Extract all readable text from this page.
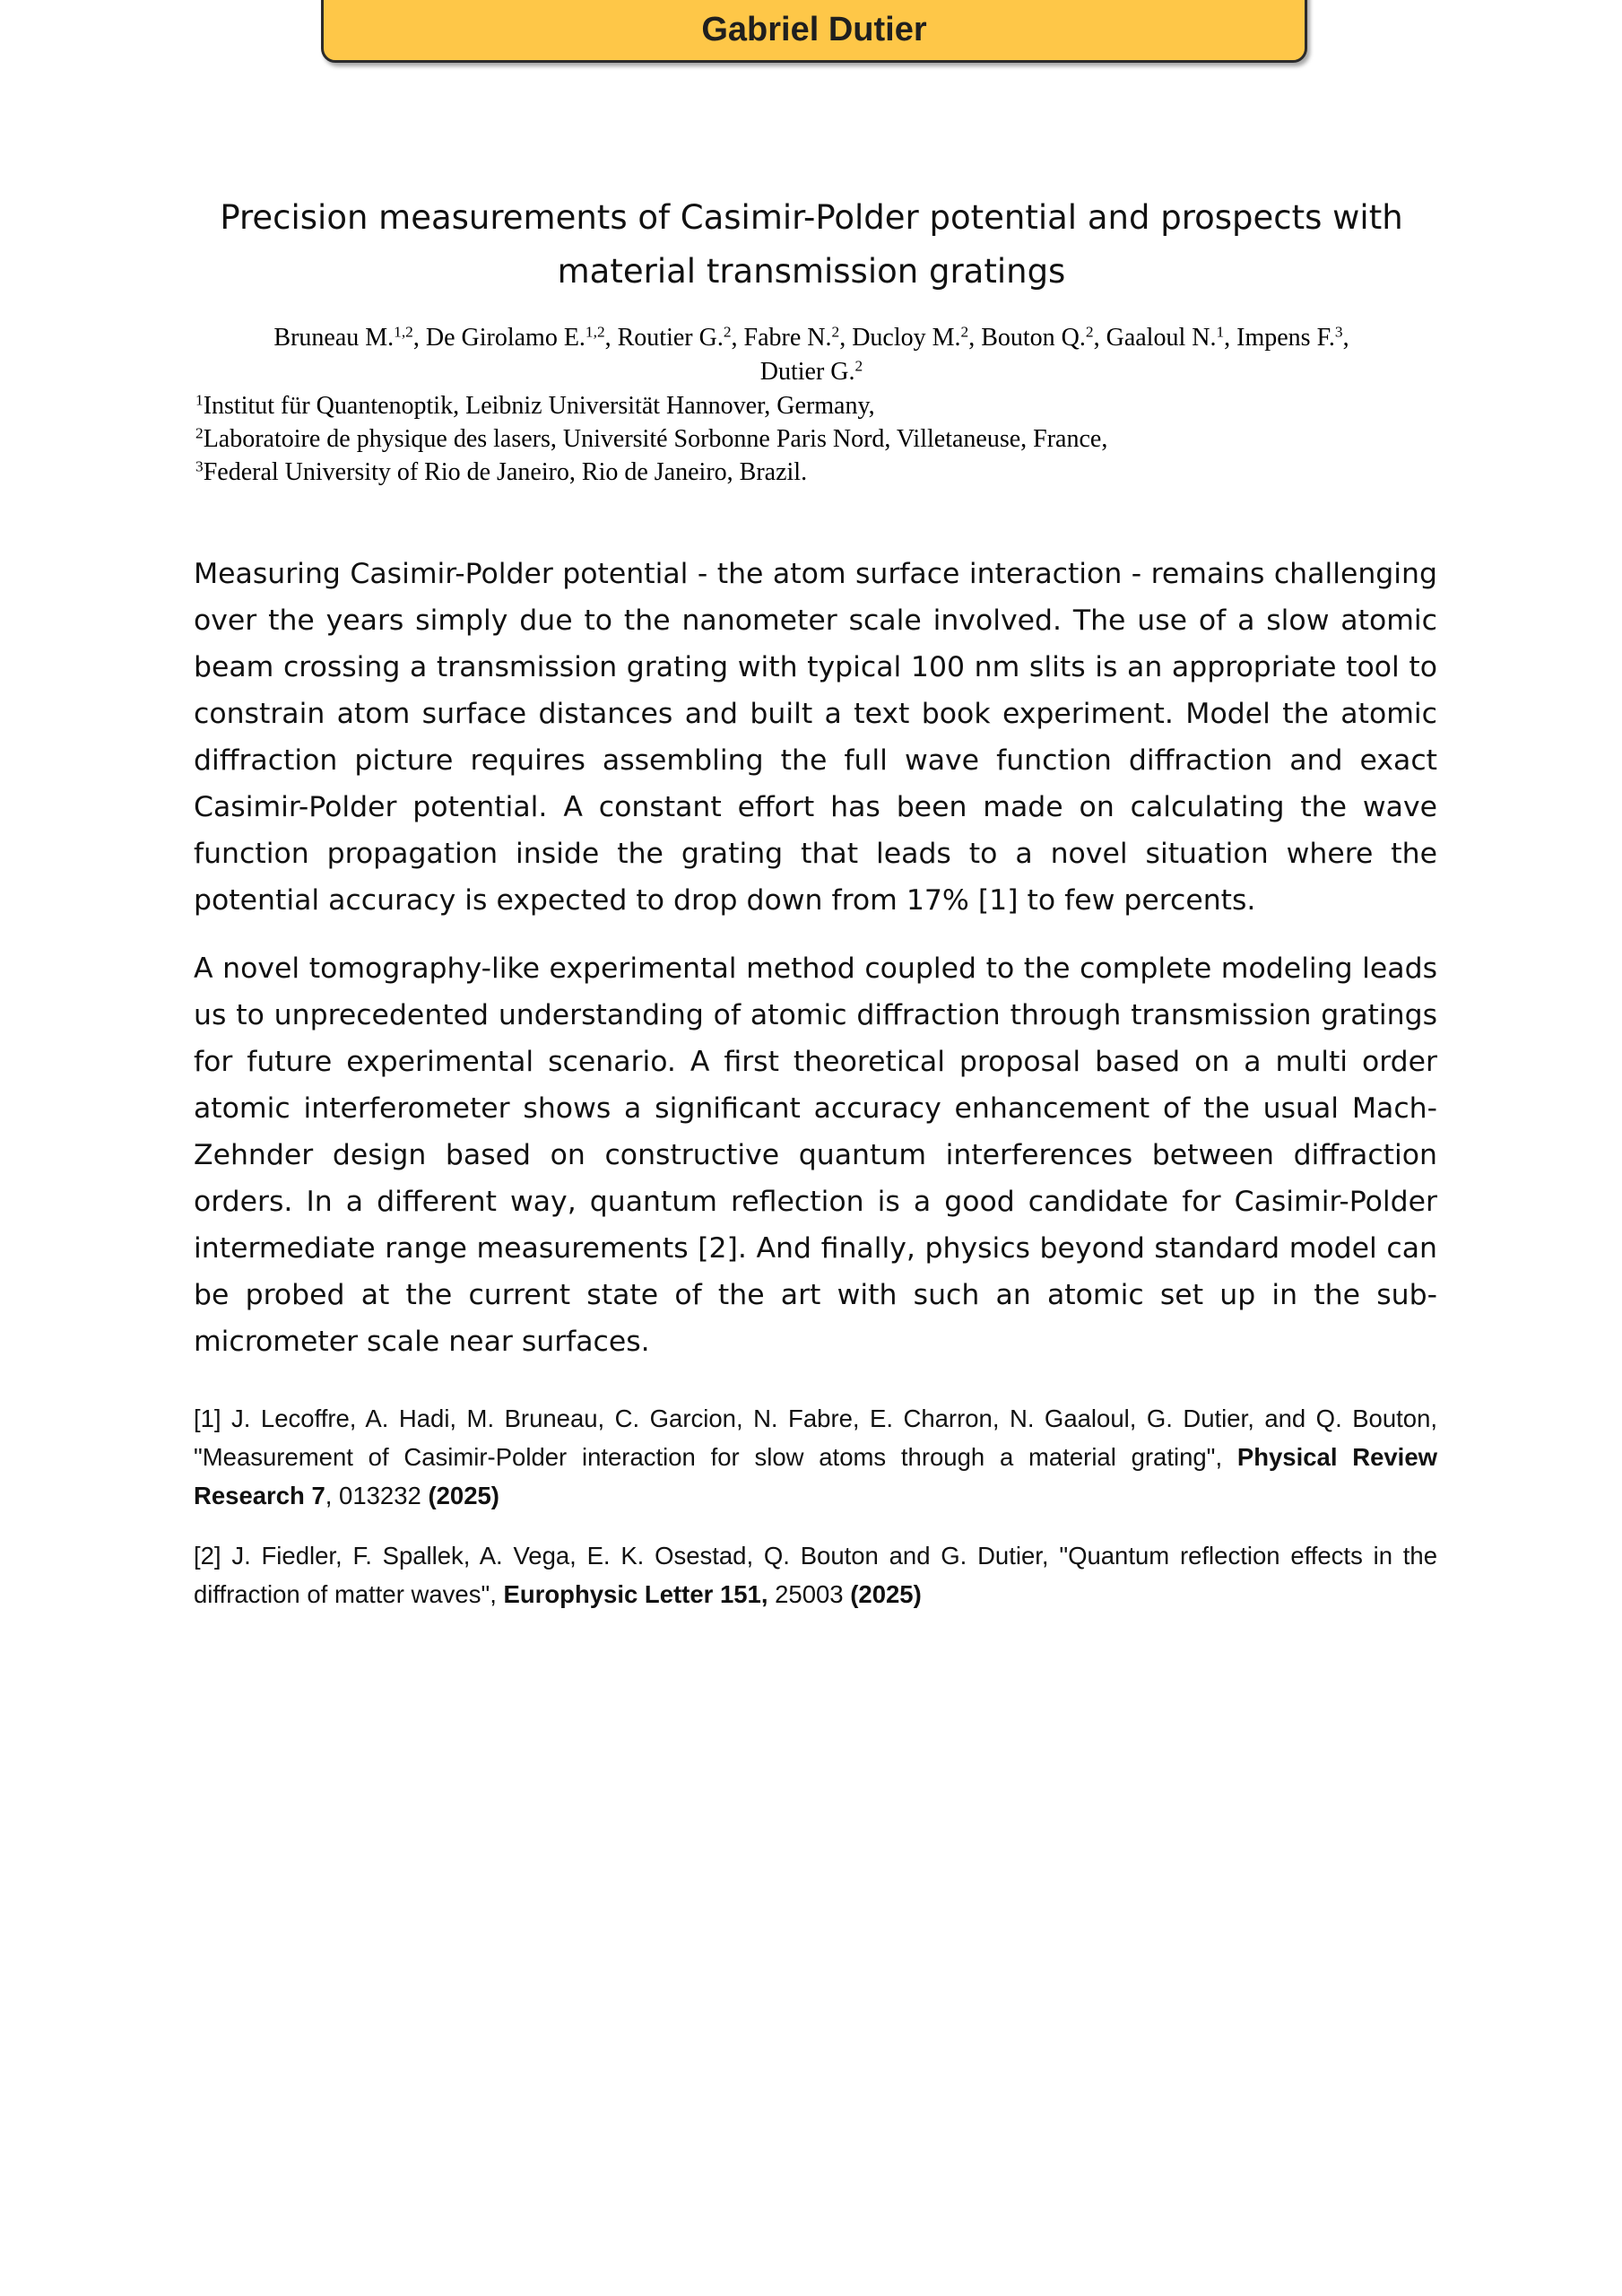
Gabriel Dutier
Precision measurements of Casimir-Polder potential and prospects with
material transmission gratings
Bruneau M.$^{1,2}$, De Girolamo E.$^{1,2}$, Routier G.$^2$, Fabre N.$^2$, Ducloy M.$^2$, Bouton Q.$^2$, Gaaloul N.$^1$, Impens F.$^3$,
Dutier G.$^2$
$^1$Institut für Quantenoptik, Leibniz Universität Hannover, Germany,
$^2$Laboratoire de physique des lasers, Université Sorbonne Paris Nord, Villetaneuse, France,
$^3$Federal University of Rio de Janeiro, Rio de Janeiro, Brazil.

Measuring Casimir-Polder potential - the atom surface interaction - remains challenging over the years simply due to the nanometer scale involved. The use of a slow atomic beam crossing a transmission grating with typical 100 nm slits is an appropriate tool to constrain atom surface distances and built a text book experiment. Model the atomic diffraction picture requires assembling the full wave function diffraction and exact Casimir-Polder potential. A constant effort has been made on calculating the wave function propagation inside the grating that leads to a novel situation where the potential accuracy is expected to drop down from 17% [1] to few percents.

A novel tomography-like experimental method coupled to the complete modeling leads us to unprecedented understanding of atomic diffraction through transmission gratings for future experimental scenario. A first theoretical proposal based on a multi order atomic interferometer shows a significant accuracy enhancement of the usual Mach-Zehnder design based on constructive quantum interferences between diffraction orders. In a different way, quantum reflection is a good candidate for Casimir-Polder intermediate range measurements [2]. And finally, physics beyond standard model can be probed at the current state of the art with such an atomic set up in the sub-micrometer scale near surfaces.

[1] J. Lecoffre, A. Hadi, M. Bruneau, C. Garcion, N. Fabre, E. Charron, N. Gaaloul, G. Dutier, and Q. Bouton, "Measurement of Casimir-Polder interaction for slow atoms through a material grating", Physical Review Research 7, 013232 (2025)

[2] J. Fiedler, F. Spallek, A. Vega, E. K. Osestad, Q. Bouton and G. Dutier, "Quantum reflection effects in the diffraction of matter waves", Europhysic Letter 151, 25003 (2025)
